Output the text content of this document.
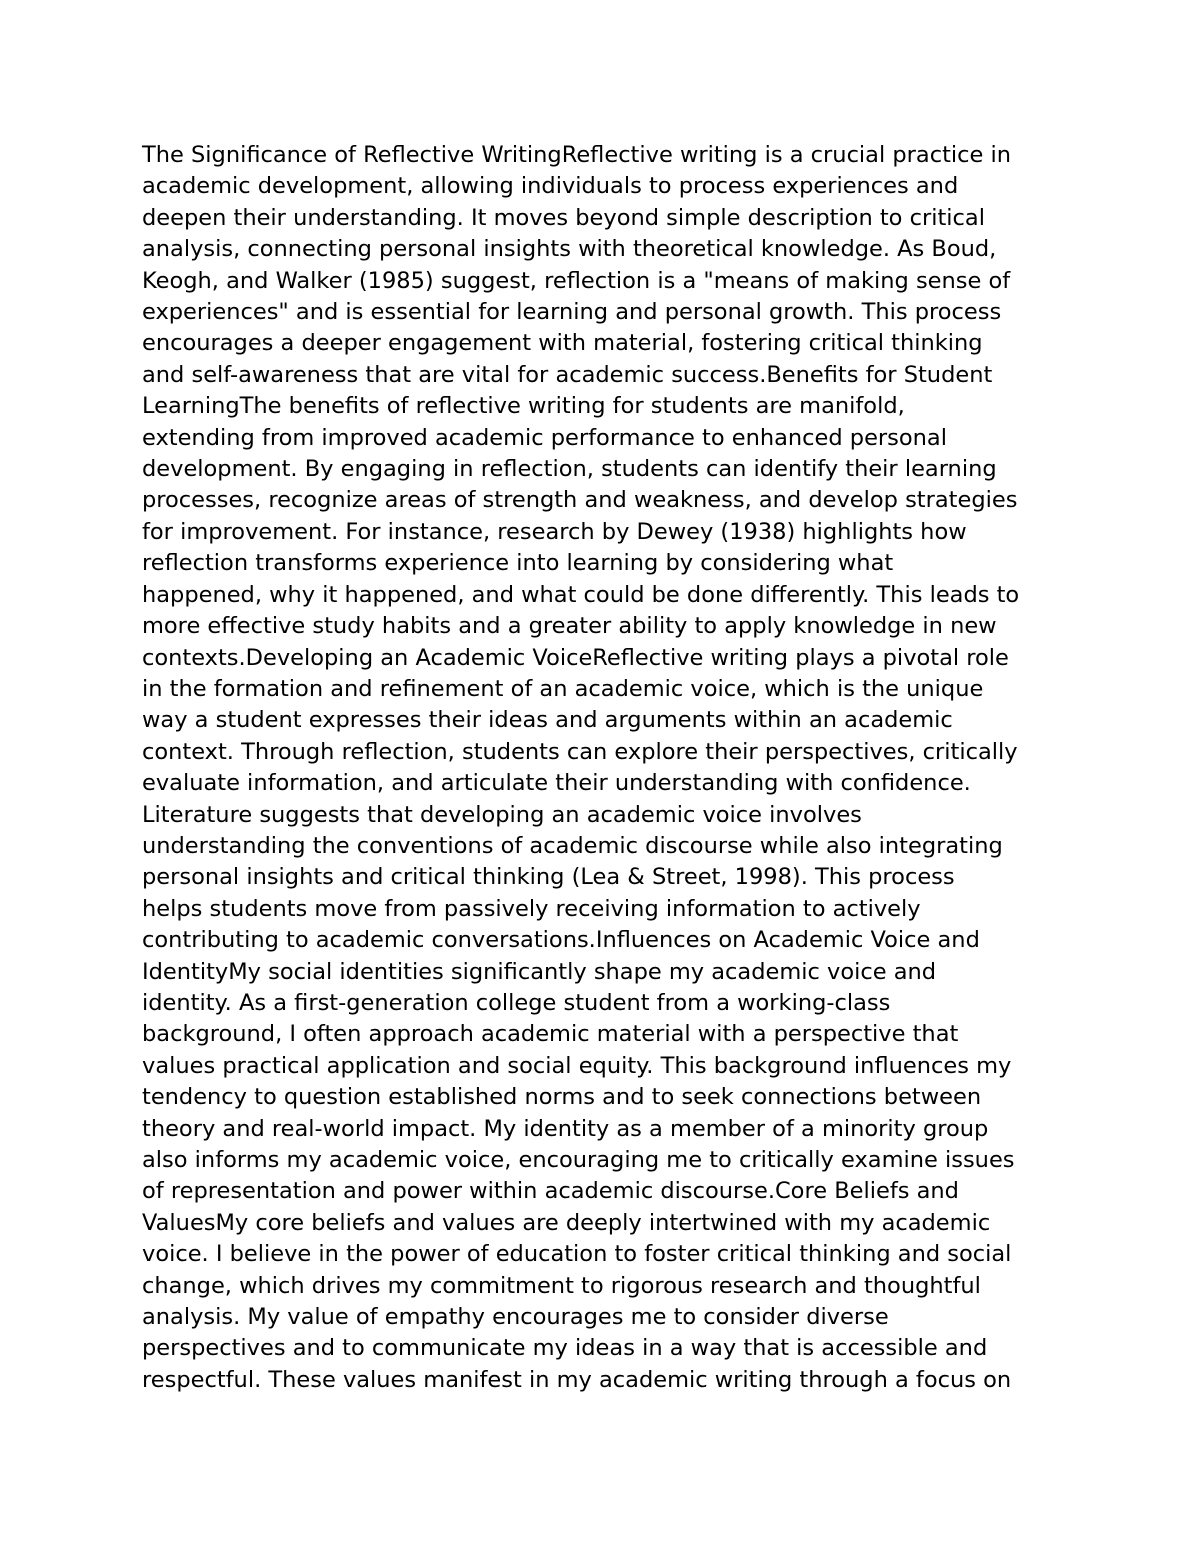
The Significance of Reflective WritingReflective writing is a crucial practice in
academic development, allowing individuals to process experiences and
deepen their understanding. It moves beyond simple description to critical
analysis, connecting personal insights with theoretical knowledge. As Boud,
Keogh, and Walker (1985) suggest, reflection is a "means of making sense of
experiences" and is essential for learning and personal growth. This process
encourages a deeper engagement with material, fostering critical thinking
and self-awareness that are vital for academic success.Benefits for Student
LearningThe benefits of reflective writing for students are manifold,
extending from improved academic performance to enhanced personal
development. By engaging in reflection, students can identify their learning
processes, recognize areas of strength and weakness, and develop strategies
for improvement. For instance, research by Dewey (1938) highlights how
reflection transforms experience into learning by considering what
happened, why it happened, and what could be done differently. This leads to
more effective study habits and a greater ability to apply knowledge in new
contexts.Developing an Academic VoiceReflective writing plays a pivotal role
in the formation and refinement of an academic voice, which is the unique
way a student expresses their ideas and arguments within an academic
context. Through reflection, students can explore their perspectives, critically
evaluate information, and articulate their understanding with confidence.
Literature suggests that developing an academic voice involves
understanding the conventions of academic discourse while also integrating
personal insights and critical thinking (Lea & Street, 1998). This process
helps students move from passively receiving information to actively
contributing to academic conversations.Influences on Academic Voice and
IdentityMy social identities significantly shape my academic voice and
identity. As a first-generation college student from a working-class
background, I often approach academic material with a perspective that
values practical application and social equity. This background influences my
tendency to question established norms and to seek connections between
theory and real-world impact. My identity as a member of a minority group
also informs my academic voice, encouraging me to critically examine issues
of representation and power within academic discourse.Core Beliefs and
ValuesMy core beliefs and values are deeply intertwined with my academic
voice. I believe in the power of education to foster critical thinking and social
change, which drives my commitment to rigorous research and thoughtful
analysis. My value of empathy encourages me to consider diverse
perspectives and to communicate my ideas in a way that is accessible and
respectful. These values manifest in my academic writing through a focus on
